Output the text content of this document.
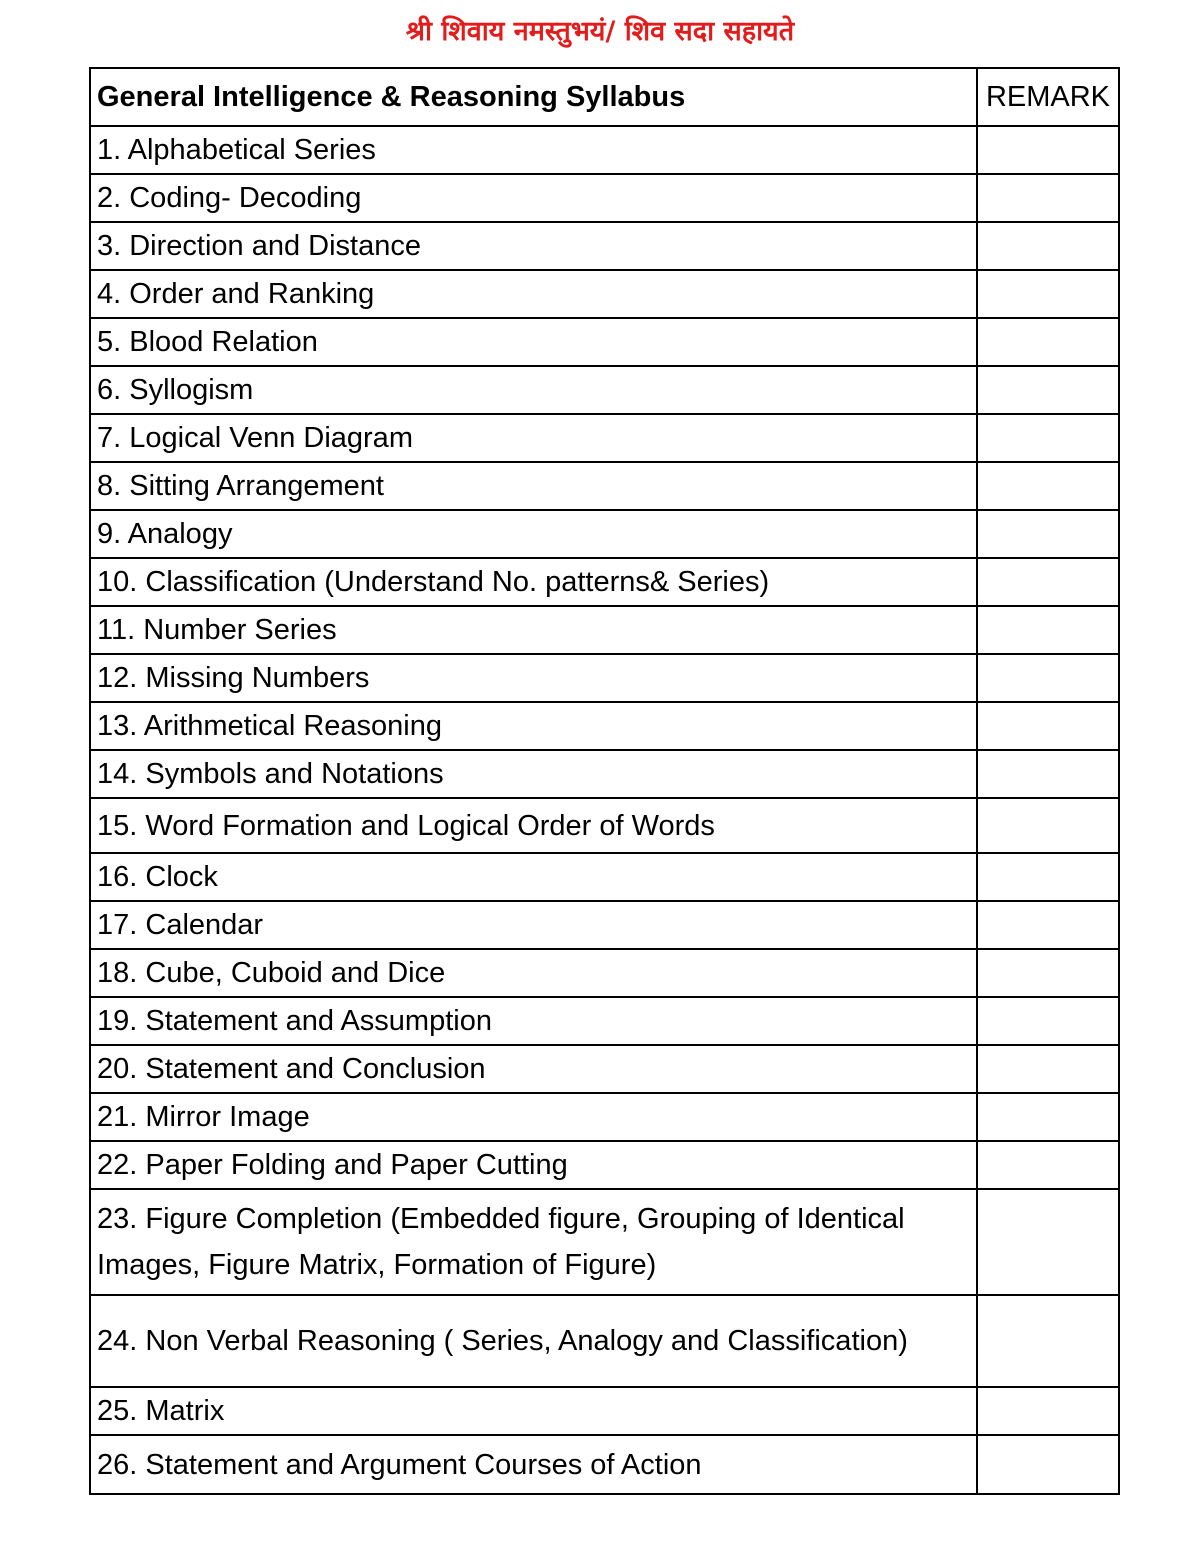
श्री शिवाय नमस्तुभयं/ शिव सदा सहायते
General Intelligence & Reasoning Syllabus	REMARK
1. Alphabetical Series	
2. Coding- Decoding	
3. Direction and Distance	
4. Order and Ranking	
5. Blood Relation	
6. Syllogism	
7. Logical Venn Diagram	
8. Sitting Arrangement	
9. Analogy	
10. Classification (Understand No. patterns& Series)	
11. Number Series	
12. Missing Numbers	
13. Arithmetical Reasoning	
14. Symbols and Notations	
15. Word Formation and Logical Order of Words	
16. Clock	
17. Calendar	
18. Cube, Cuboid and Dice	
19. Statement and Assumption	
20. Statement and Conclusion	
21. Mirror Image	
22. Paper Folding and Paper Cutting	
23. Figure Completion (Embedded figure, Grouping of Identical Images, Figure Matrix, Formation of Figure)	
24. Non Verbal Reasoning ( Series, Analogy and Classification)	
25. Matrix	
26. Statement and Argument Courses of Action	
